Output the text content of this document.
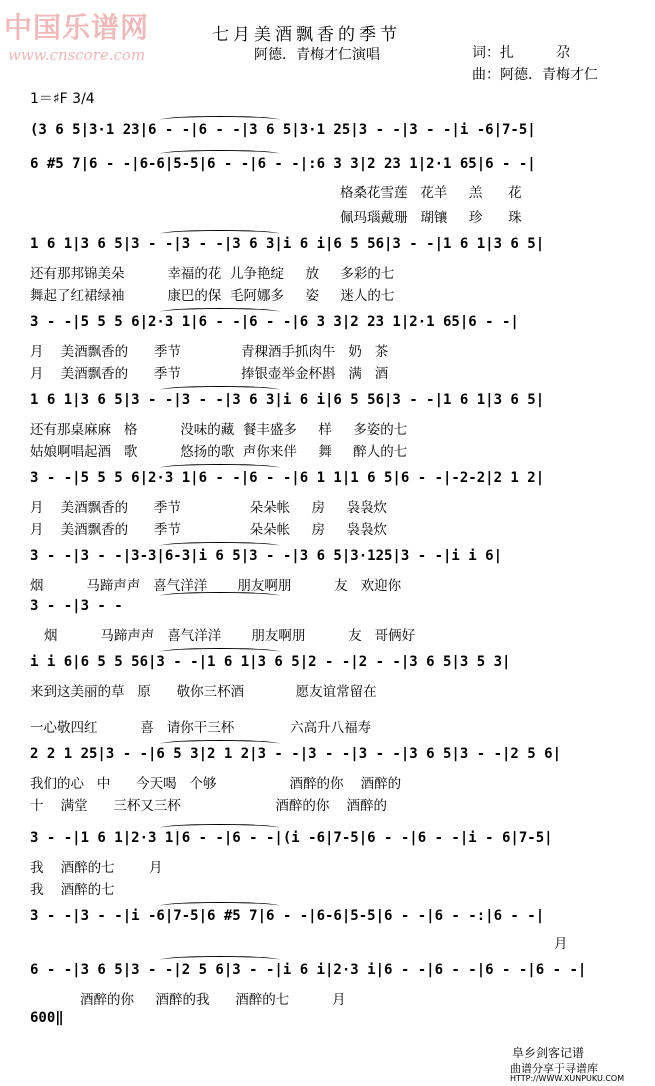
中国乐谱网
www.cnscore.com
七月美酒飘香的季节
阿德．青梅才仁演唱	词：扎　　　尕
曲：阿德．青梅才仁
1＝♯F 3/4
(3 6 5|3·1 23|6 - -|6 - -|3 6 5|3·1 25|3 - -|3 - -|i -6|7-5|
6 #5 7|6 - -|6-6|5-5|6 - -|6 - -|:6 3 3|2 23 1|2·1 65|6 - -|
格桑花雪莲   花羊     羔      花
佩玛瑙戴珊   瑚镶     珍      珠
1 6 1|3 6 5|3 - -|3 - -|3 6 3|i 6 i|6 5 56|3 - -|1 6 1|3 6 5|
还有那邦锦美朵          幸福的花  儿争艳绽     放     多彩的七
舞起了红裙绿袖          康巴的保  毛阿娜多     姿     迷人的七
3 - -|5 5 5 6|2·3 1|6 - -|6 - -|6 3 3|2 23 1|2·1 65|6 - -|
月    美酒飘香的      季节              青稞酒手抓肉牛   奶   茶
月    美酒飘香的      季节              捧银壶举金杯斟   满   酒
1 6 1|3 6 5|3 - -|3 - -|3 6 3|i 6 i|6 5 56|3 - -|1 6 1|3 6 5|
还有那桌麻麻   格          没味的藏  餐丰盛多     样     多姿的七
姑娘啊唱起酒   歌          悠扬的歌  声你来伴     舞     醉人的七
3 - -|5 5 5 6|2·3 1|6 - -|6 - -|6 1 1|1 6 5|6 - -|-2-2|2 1 2|
月    美酒飘香的      季节                朵朵帐     房     袅袅炊
月    美酒飘香的      季节                朵朵帐     房     袅袅炊
3 - -|3 - -|3-3|6-3|i 6 5|3 - -|3 6 5|3·125|3 - -|i i 6|
烟          马蹄声声   喜气洋洋       朋友啊朋          友   欢迎你
3 - -|3 - -
烟          马蹄声声   喜气洋洋       朋友啊朋          友   哥俩好
i i 6|6 5 5 56|3 - -|1 6 1|3 6 5|2 - -|2 - -|3 6 5|3 5 3|
来到这美丽的草   原      敬你三杯酒            愿友谊常留在
一心敬四红          喜   请你干三杯             六高升八福寿
2 2 1 25|3 - -|6 5 3|2 1 2|3 - -|3 - -|3 - -|3 6 5|3 - -|2 5 6|
我们的心   中      今天喝   个够                 酒醉的你    酒醉的
十    满堂      三杯又三杯                      酒醉的你    酒醉的
3 - -|1 6 1|2·3 1|6 - -|6 - -|(i -6|7-5|6 - -|6 - -|i - 6|7-5|
我    酒醉的七        月
我    酒醉的七
3 - -|3 - -|i -6|7-5|6 #5 7|6 - -|6-6|5-5|6 - -|6 - -:|6 - -|
月
6 - -|3 6 5|3 - -|2 5 6|3 - -|i 6 i|2·3 i|6 - -|6 - -|6 - -|6 - -|
酒醉的你     酒醉的我      酒醉的七          月
600‖
阜乡剑客记谱
曲谱分享于寻谱库
HTTP://WWW.XUNPUKU.COM
